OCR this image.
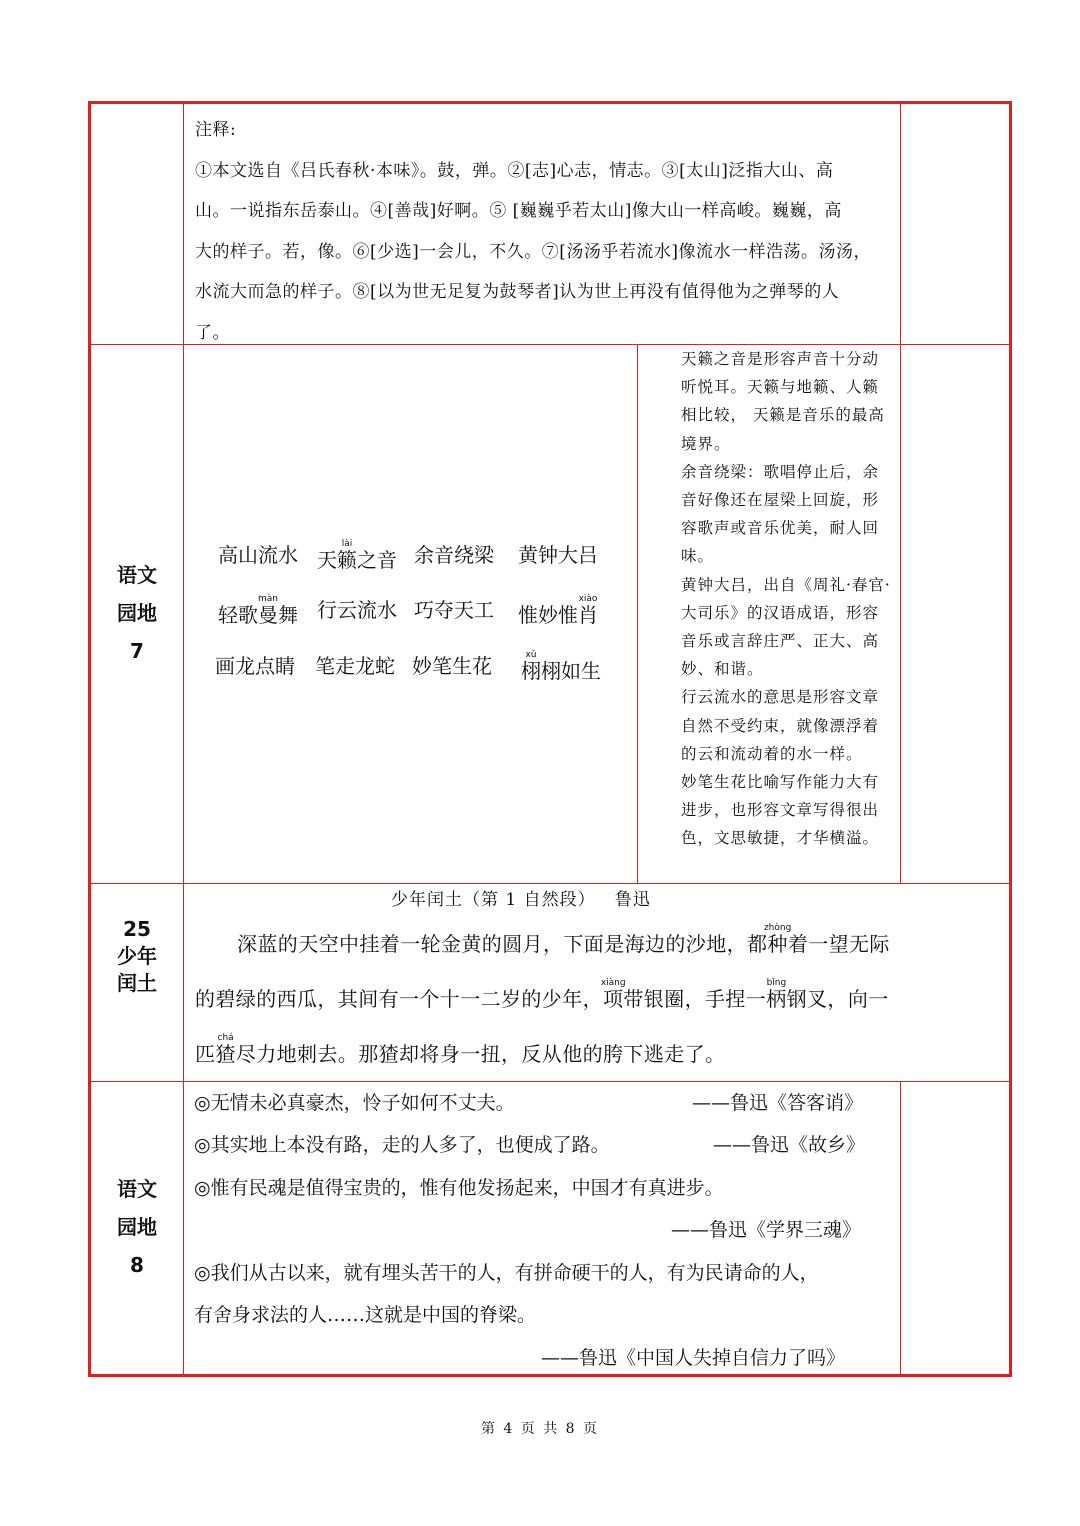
注释:

①本文选自《吕氏春秋·本味》。鼓，弹。②[志]心志，情志。③[太山]泛指大山、高

山。一说指东岳泰山。④[善哉]好啊。⑤ [巍巍乎若太山]像大山一样高峻。巍巍，高

大的样子。若，像。⑥[少选]一会儿，不久。⑦[汤汤乎若流水]像流水一样浩荡。汤汤，

水流大而急的样子。⑧[以为世无足复为鼓琴者]认为世上再没有值得他为之弹琴的人

了。

语文
园地
7
高山流水 天籁lài之音 余音绕梁 黄钟大吕
轻歌曼màn舞 行云流水 巧夺天工 惟妙惟肖xiào
画龙点睛 笔走龙蛇 妙笔生花 栩xǔ栩如生

天籁之音是形容声音十分动听悦耳。天籁与地籁、人籁相比较， 天籁是音乐的最高境界。

余音绕梁：歌唱停止后，余音好像还在屋梁上回旋，形容歌声或音乐优美，耐人回味。

黄钟大吕，出自《周礼·春官·大司乐》的汉语成语，形容音乐或言辞庄严、正大、高妙、和谐。

行云流水的意思是形容文章自然不受约束，就像漂浮着的云和流动着的水一样。

妙笔生花比喻写作能力大有进步，也形容文章写得很出色，文思敏捷，才华横溢。

25
少年
闰土
少年闰土（第 1 自然段）   鲁迅
深蓝的天空中挂着一轮金黄的圆月，下面是海边的沙地，都种zhòng着一望无际的碧绿的西瓜，其间有一个十一二岁的少年，项xiàng带银圈，手捏一柄bǐng钢叉，向一匹猹chá尽力地刺去。那猹却将身一扭，反从他的胯下逃走了。
语文
园地
8
◎无情未必真豪杰，怜子如何不丈夫。	——鲁迅《答客诮》
◎其实地上本没有路，走的人多了，也便成了路。	——鲁迅《故乡》
◎惟有民魂是值得宝贵的，惟有他发扬起来，中国才有真进步。
——鲁迅《学界三魂》
◎我们从古以来，就有埋头苦干的人，有拼命硬干的人，有为民请命的人，
有舍身求法的人……这就是中国的脊梁。
——鲁迅《中国人失掉自信力了吗》
第 4 页 共 8 页
